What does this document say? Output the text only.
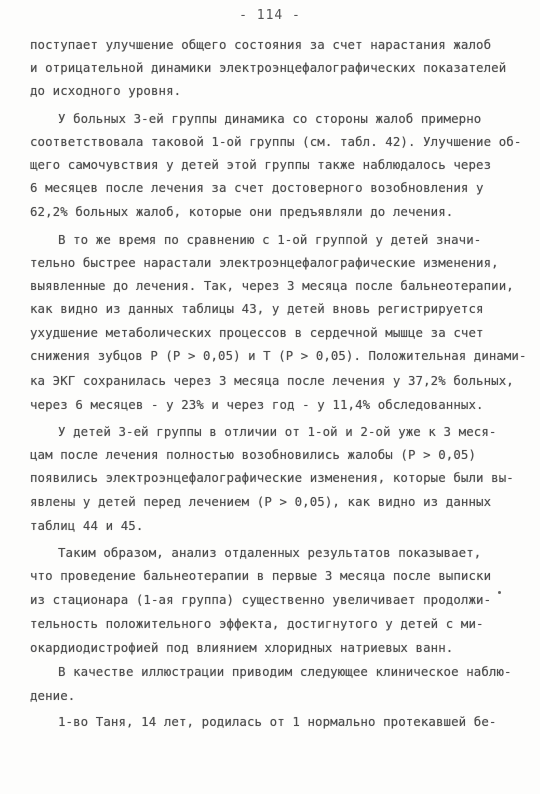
- 114 -
поступает улучшение общего состояния за счет нарастания жалоб
и отрицательной динамики электроэнцефалографических показателей
до исходного уровня.
У больных 3-ей группы динамика со стороны жалоб примерно
соответствовала таковой 1-ой группы (см. табл. 42). Улучшение об-
щего самочувствия у детей этой группы также наблюдалось через
6 месяцев после лечения за счет достоверного возобновления у
62,2% больных жалоб, которые они предъявляли до лечения.
В то же время по сравнению с 1-ой группой у детей значи-
тельно быстрее нарастали электроэнцефалографические изменения,
выявленные до лечения. Так, через 3 месяца после бальнеотерапии,
как видно из данных таблицы 43, у детей вновь регистрируется
ухудшение метаболических процессов в сердечной мышце за счет
снижения зубцов Р (Р > 0,05) и Т (Р > 0,05). Положительная динами-
ка ЭКГ сохранилась через 3 месяца после лечения у 37,2% больных,
через 6 месяцев - у 23% и через год - у 11,4% обследованных.
У детей 3-ей группы в отличии от 1-ой и 2-ой уже к 3 меся-
цам после лечения полностью возобновились жалобы (Р > 0,05)
появились электроэнцефалографические изменения, которые были вы-
явлены у детей перед лечением (Р > 0,05), как видно из данных
таблиц 44 и 45.
Таким образом, анализ отдаленных результатов показывает,
что проведение бальнеотерапии в первые 3 месяца после выписки
из стационара (1-ая группа) существенно увеличивает продолжи-
тельность положительного эффекта, достигнутого у детей с ми-
окардиодистрофией под влиянием хлоридных натриевых ванн.
В качестве иллюстрации приводим следующее клиническое наблю-
дение.
1-во Таня, 14 лет, родилась от 1 нормально протекавшей бе-
